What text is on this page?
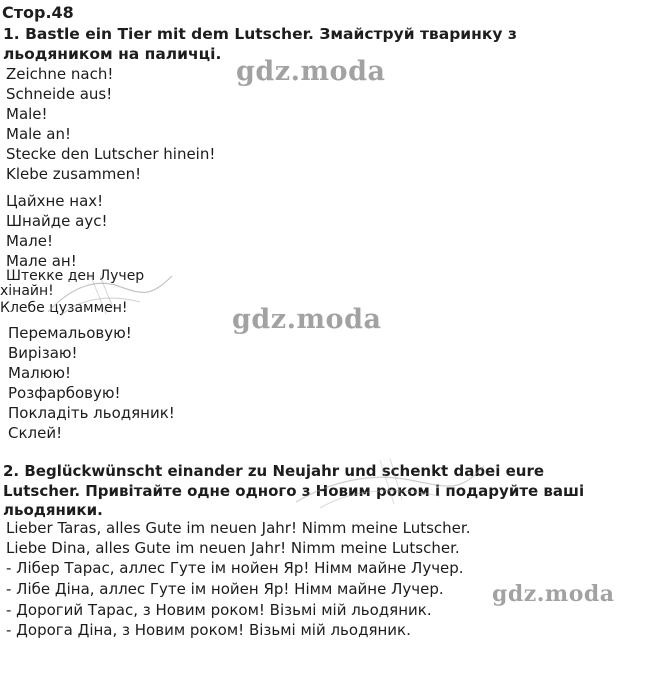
Стор.48
1. Bastle ein Tier mit dem Lutscher. Змайструй тваринку з
льодяником на паличці.
Zeichne nach!
Schneide aus!
Male!
Male an!
Stecke den Lutscher hinein!
Klebe zusammen!
Цайхне нах!
Шнайде аус!
Мале!
Мале ан!
Штекке ден Лучер
хінайн!
Клебе цузаммен!
Перемальовую!
Вирізаю!
Малюю!
Розфарбовую!
Покладіть льодяник!
Склей!
2. Beglückwünscht einander zu Neujahr und schenkt dabei eure
Lutscher. Привітайте одне одного з Новим роком і подаруйте ваші
льодяники.
Lieber Taras, alles Gute im neuen Jahr! Nimm meine Lutscher.
Liebe Dina, alles Gute im neuen Jahr! Nimm meine Lutscher.
- Лібер Тарас, аллес Гуте ім нойен Яр! Німм майне Лучер.
- Лібе Діна, аллес Гуте ім нойен Яр! Німм майне Лучер.
- Дорогий Тарас, з Новим роком! Візьмі мій льодяник.
- Дорога Діна, з Новим роком! Візьмі мій льодяник.
gdz.moda
gdz.moda
gdz.moda
